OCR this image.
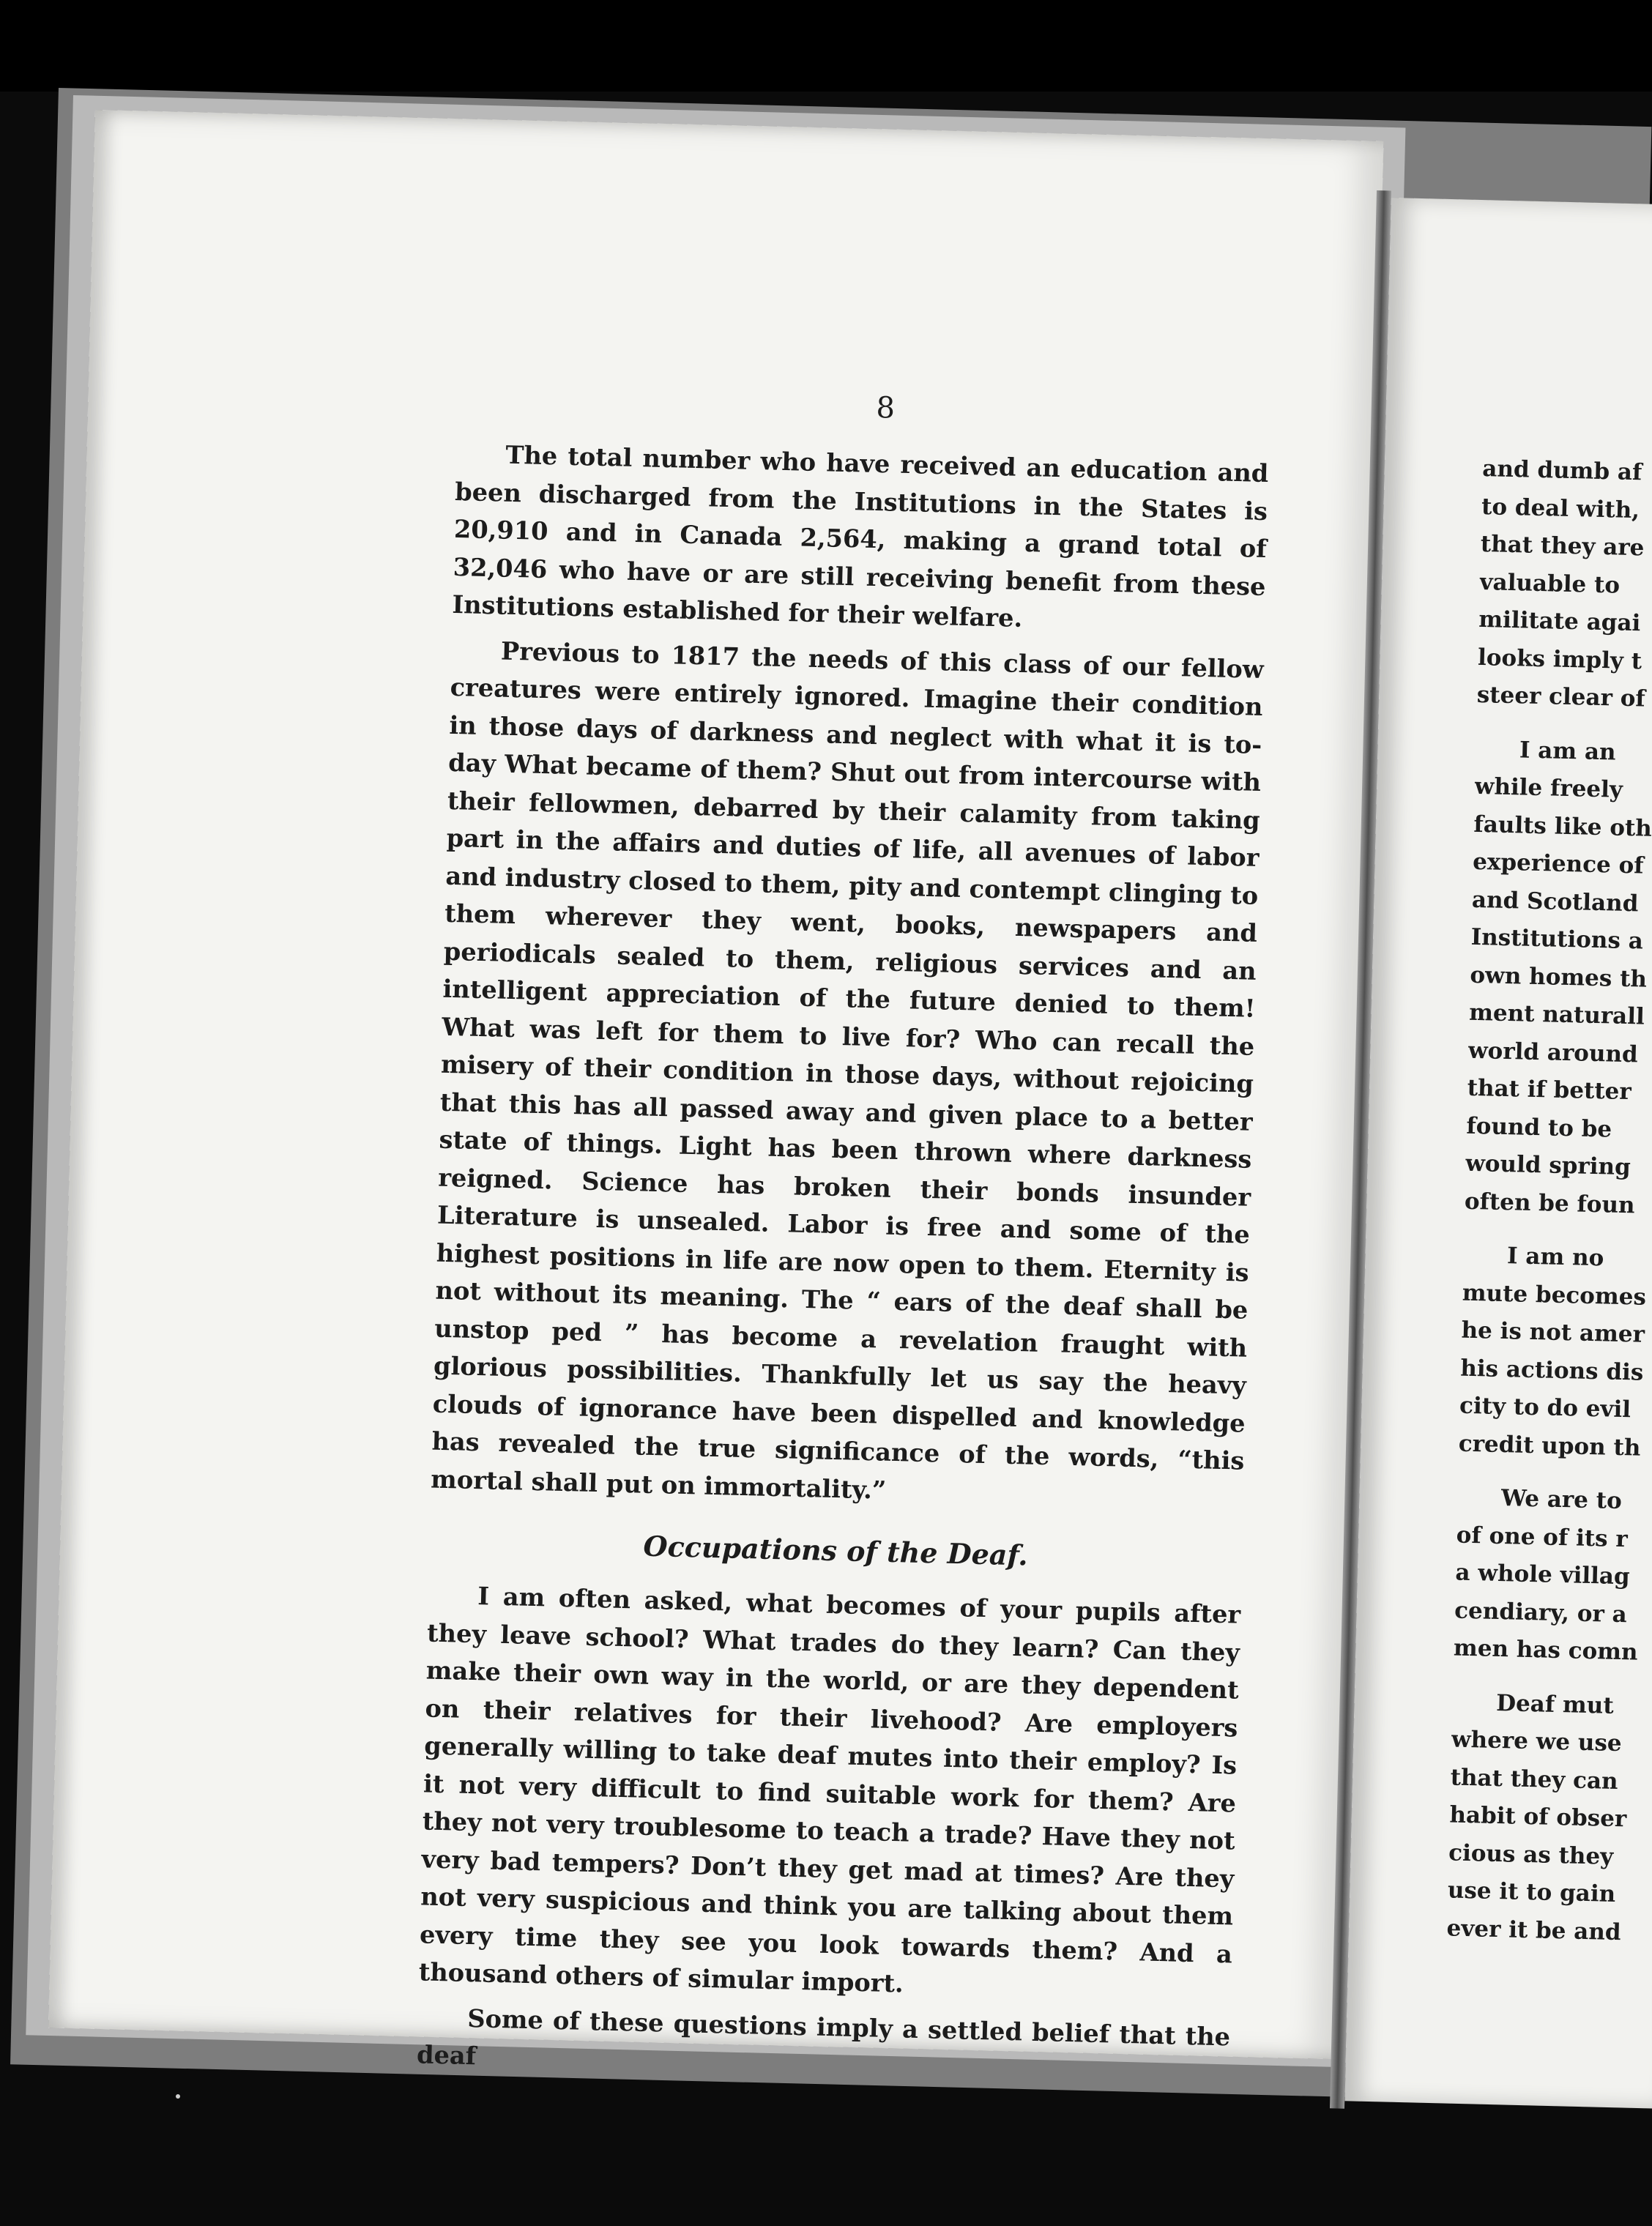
8

The total number who have received an education and been discharged from the Institutions in the States is 20,910 and in Canada 2,564, making a grand total of 32,046 who have or are still receiving benefit from these Institutions established for their welfare.

Previous to 1817 the needs of this class of our fellow creatures were entirely ignored. Imagine their condition in those days of darkness and neglect with what it is to-day What became of them? Shut out from intercourse with their fellowmen, debarred by their calamity from taking part in the affairs and duties of life, all avenues of labor and industry closed to them, pity and contempt clinging to them wherever they went, books, newspapers and periodicals sealed to them, religious services and an intelligent appreciation of the future denied to them! What was left for them to live for? Who can recall the misery of their condition in those days, without rejoicing that this has all passed away and given place to a better state of things. Light has been thrown where darkness reigned. Science has broken their bonds insunder Literature is unsealed. Labor is free and some of the highest positions in life are now open to them. Eternity is not without its meaning. The “ ears of the deaf shall be unstop ped ” has become a revelation fraught with glorious possibilities. Thankfully let us say the heavy clouds of ignorance have been dispelled and knowledge has revealed the true significance of the words, “this mortal shall put on immortality.”

Occupations of the Deaf.

I am often asked, what becomes of your pupils after they leave school? What trades do they learn? Can they make their own way in the world, or are they dependent on their relatives for their livehood? Are employers generally willing to take deaf mutes into their employ? Is it not very difficult to find suitable work for them? Are they not very troublesome to teach a trade? Have they not very bad tempers? Don’t they get mad at times? Are they not very suspicious and think you are talking about them every time they see you look towards them? And a thousand others of simular import.

Some of these questions imply a settled belief that the deaf

and dumb af
to deal with,
that they are
valuable to
militate agai
looks imply t
steer clear of
I am an
while freely
faults like oth
experience of
and Scotland
Institutions a
own homes th
ment naturall
world around
that if better
found to be
would spring
often be foun
I am no
mute becomes
he is not amer
his actions dis
city to do evil
credit upon th
We are to
of one of its r
a whole villag
cendiary, or a
men has comn
Deaf mut
where we use
that they can
habit of obser
cious as they
use it to gain
ever it be and
